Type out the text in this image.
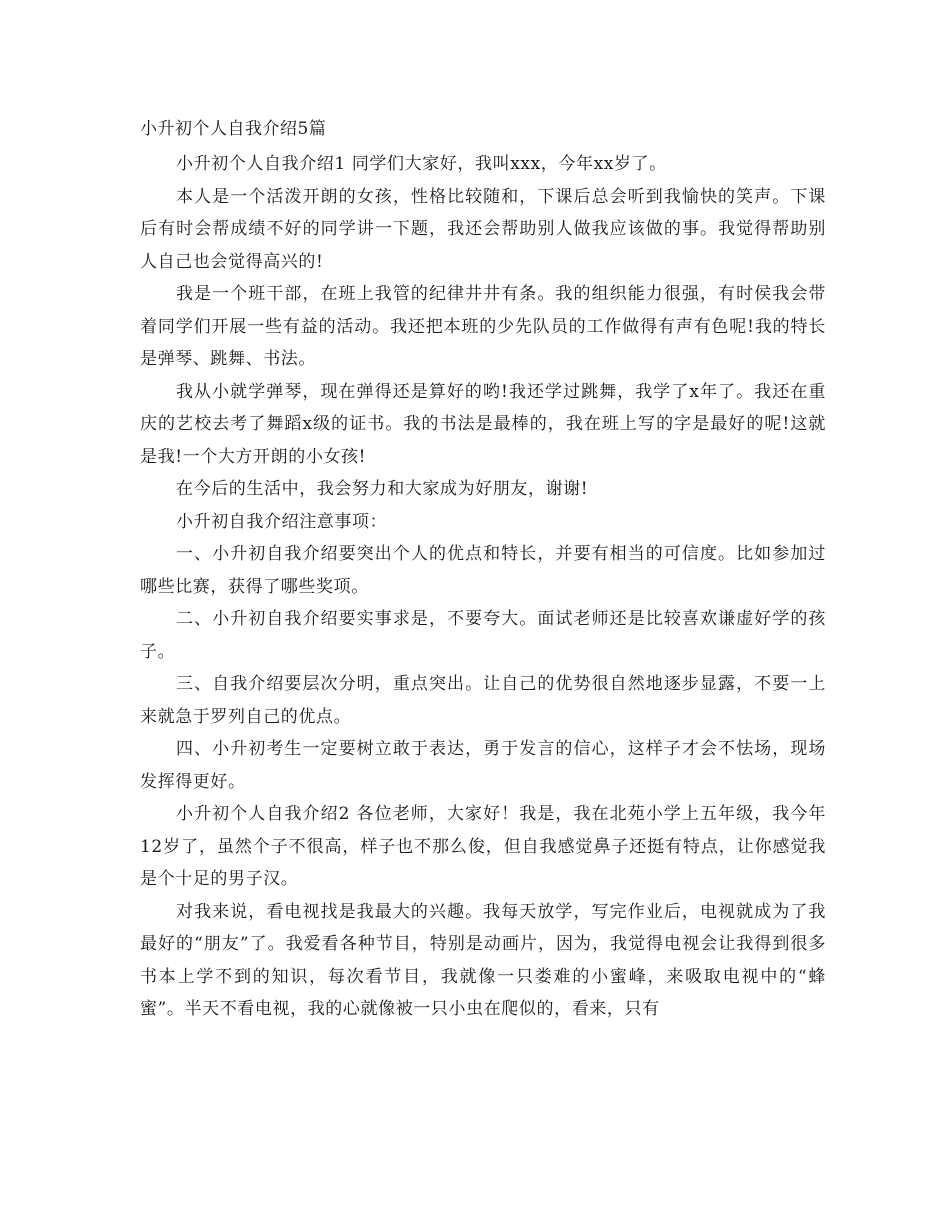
小升初个人自我介绍5篇

小升初个人自我介绍1 同学们大家好，我叫xxx，今年xx岁了。

本人是一个活泼开朗的女孩，性格比较随和，下课后总会听到我愉快的笑声。下课后有时会帮成绩不好的同学讲一下题，我还会帮助别人做我应该做的事。我觉得帮助别人自己也会觉得高兴的!

我是一个班干部，在班上我管的纪律井井有条。我的组织能力很强，有时侯我会带着同学们开展一些有益的活动。我还把本班的少先队员的工作做得有声有色呢!我的特长是弹琴、跳舞、书法。

我从小就学弹琴，现在弹得还是算好的哟!我还学过跳舞，我学了x年了。我还在重庆的艺校去考了舞蹈x级的证书。我的书法是最棒的，我在班上写的字是最好的呢!这就是我!一个大方开朗的小女孩!

在今后的生活中，我会努力和大家成为好朋友，谢谢!

小升初自我介绍注意事项：

一、小升初自我介绍要突出个人的优点和特长，并要有相当的可信度。比如参加过哪些比赛，获得了哪些奖项。

二、小升初自我介绍要实事求是，不要夸大。面试老师还是比较喜欢谦虚好学的孩子。

三、自我介绍要层次分明，重点突出。让自己的优势很自然地逐步显露，不要一上来就急于罗列自己的优点。

四、小升初考生一定要树立敢于表达，勇于发言的信心，这样子才会不怯场，现场发挥得更好。

小升初个人自我介绍2 各位老师，大家好！我是，我在北苑小学上五年级，我今年12岁了，虽然个子不很高，样子也不那么俊，但自我感觉鼻子还挺有特点，让你感觉我是个十足的男子汉。

对我来说，看电视找是我最大的兴趣。我每天放学，写完作业后，电视就成为了我最好的“朋友”了。我爱看各种节目，特别是动画片，因为，我觉得电视会让我得到很多书本上学不到的知识，每次看节目，我就像一只娄难的小蜜峰，来吸取电视中的“蜂蜜”。半天不看电视，我的心就像被一只小虫在爬似的，看来，只有
